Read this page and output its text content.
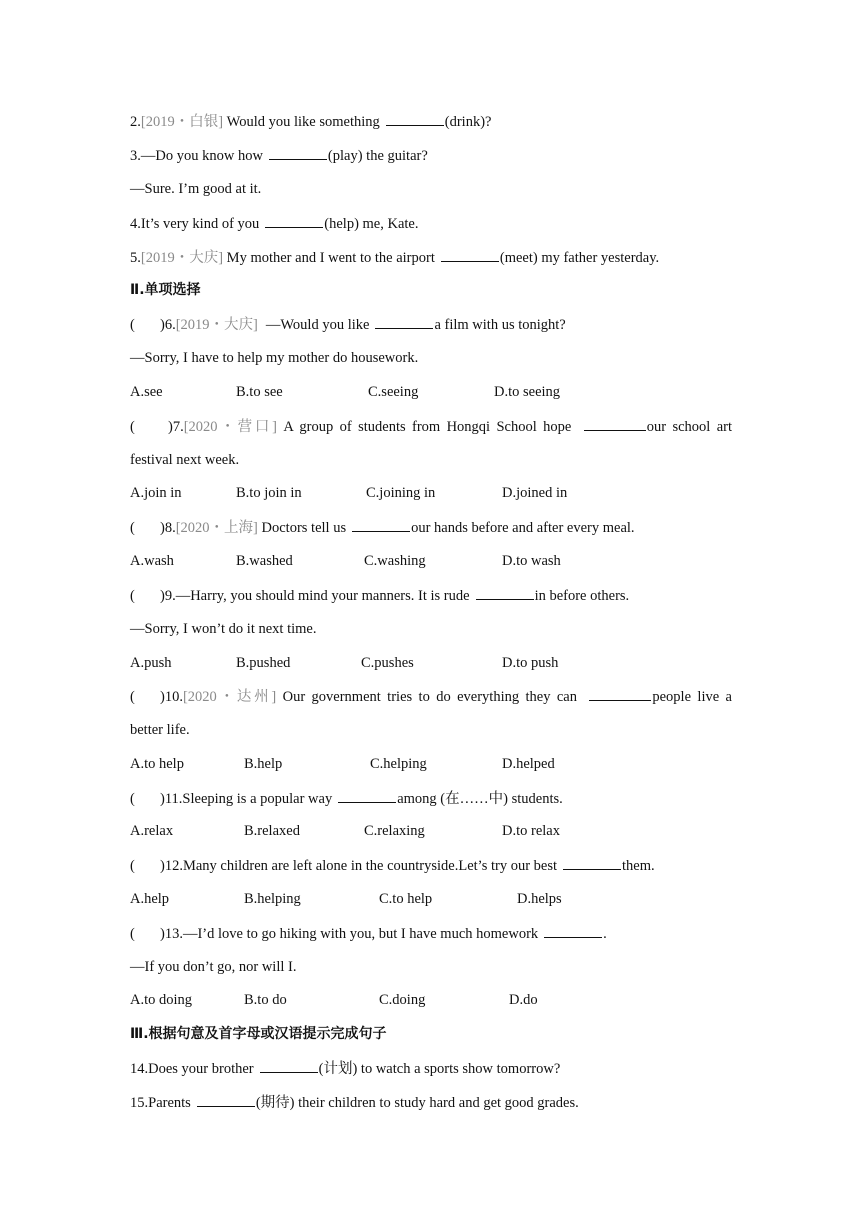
2.[2019・白银] Would you like something	(drink)?
3.—Do you know how	(play) the guitar?
—Sure. I’m good at it.
4.It’s very kind of you	(help) me, Kate.
5.[2019・大庆] My mother and I went to the airport	(meet) my father yesterday.
Ⅱ.单项选择
( )6.[2019・大庆] —Would you like	a film with us tonight?
—Sorry, I have to help my mother do housework.
A.see	B.to see	C.seeing	D.to seeing
( )7.[2020・营口] A group of students from Hongqi School hope	our school art
festival next week.
A.join in	B.to join in	C.joining in	D.joined in
( )8.[2020・上海] Doctors tell us	our hands before and after every meal.
A.wash	B.washed	C.washing	D.to wash
( )9.—Harry, you should mind your manners. It is rude	in before others.
—Sorry, I won’t do it next time.
A.push	B.pushed	C.pushes	D.to push
( )10.[2020・达州] Our government tries to do everything they can	people live a
better life.
A.to help	B.help	C.helping	D.helped
( )11.Sleeping is a popular way	among (在……中) students.
A.relax	B.relaxed	C.relaxing	D.to relax
( )12.Many children are left alone in the countryside.Let’s try our best	them.
A.help	B.helping	C.to help	D.helps
( )13.—I’d love to go hiking with you, but I have much homework	.
—If you don’t go, nor will I.
A.to doing	B.to do	C.doing	D.do
Ⅲ.根据句意及首字母或汉语提示完成句子
14.Does your brother	(计划) to watch a sports show tomorrow?
15.Parents	(期待) their children to study hard and get good grades.
